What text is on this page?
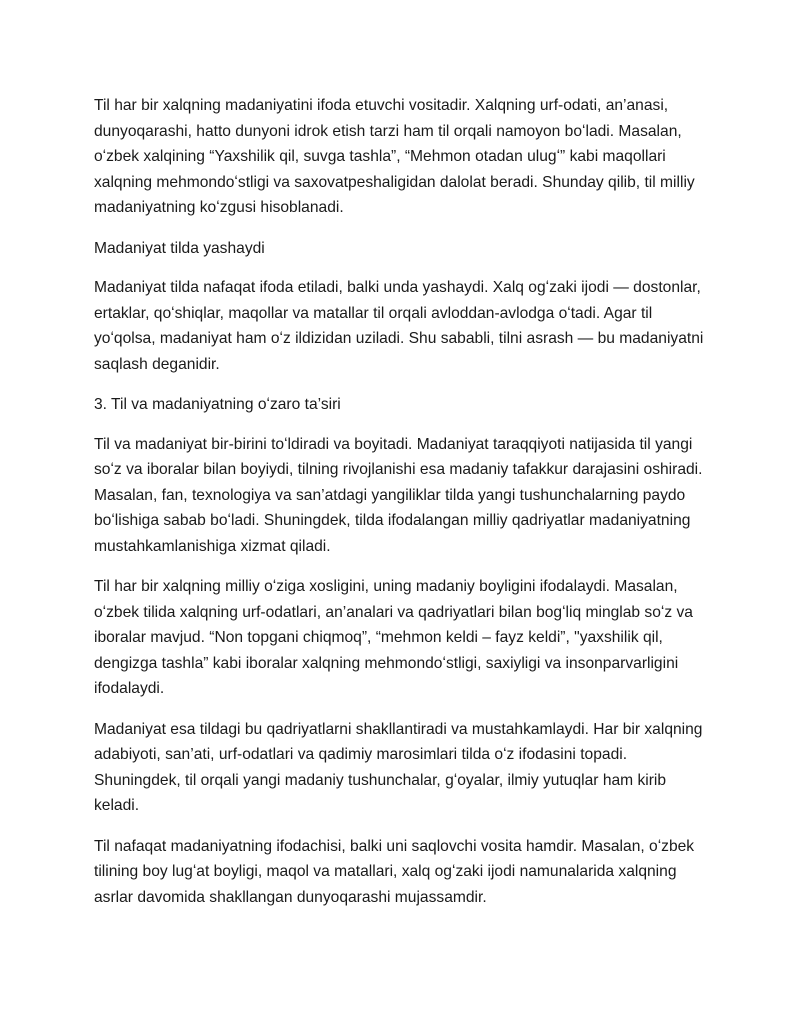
Til har bir xalqning madaniyatini ifoda etuvchi vositadir. Xalqning urf-odati, an’anasi, dunyoqarashi, hatto dunyoni idrok etish tarzi ham til orqali namoyon boʻladi. Masalan, oʻzbek xalqining “Yaxshilik qil, suvga tashla”, “Mehmon otadan ulugʻ” kabi maqollari xalqning mehmondoʻstligi va saxovatpeshaligidan dalolat beradi. Shunday qilib, til milliy madaniyatning koʻzgusi hisoblanadi.

Madaniyat tilda yashaydi

Madaniyat tilda nafaqat ifoda etiladi, balki unda yashaydi. Xalq ogʻzaki ijodi — dostonlar, ertaklar, qoʻshiqlar, maqollar va matallar til orqali avloddan-avlodga oʻtadi. Agar til yoʻqolsa, madaniyat ham oʻz ildizidan uziladi. Shu sababli, tilni asrash — bu madaniyatni saqlash deganidir.

3. Til va madaniyatning oʻzaro ta’siri

Til va madaniyat bir-birini toʻldiradi va boyitadi. Madaniyat taraqqiyoti natijasida til yangi soʻz va iboralar bilan boyiydi, tilning rivojlanishi esa madaniy tafakkur darajasini oshiradi. Masalan, fan, texnologiya va san’atdagi yangiliklar tilda yangi tushunchalarning paydo boʻlishiga sabab boʻladi. Shuningdek, tilda ifodalangan milliy qadriyatlar madaniyatning mustahkamlanishiga xizmat qiladi.

Til har bir xalqning milliy oʻziga xosligini, uning madaniy boyligini ifodalaydi. Masalan, oʻzbek tilida xalqning urf-odatlari, an’analari va qadriyatlari bilan bogʻliq minglab soʻz va iboralar mavjud. “Non topgani chiqmoq”, “mehmon keldi – fayz keldi”, "yaxshilik qil, dengizga tashla” kabi iboralar xalqning mehmondoʻstligi, saxiyligi va insonparvarligini ifodalaydi.

Madaniyat esa tildagi bu qadriyatlarni shakllantiradi va mustahkamlaydi. Har bir xalqning adabiyoti, san’ati, urf-odatlari va qadimiy marosimlari tilda oʻz ifodasini topadi. Shuningdek, til orqali yangi madaniy tushunchalar, gʻoyalar, ilmiy yutuqlar ham kirib keladi.

Til nafaqat madaniyatning ifodachisi, balki uni saqlovchi vosita hamdir. Masalan, oʻzbek tilining boy lugʻat boyligi, maqol va matallari, xalq ogʻzaki ijodi namunalarida xalqning asrlar davomida shakllangan dunyoqarashi mujassamdir.
